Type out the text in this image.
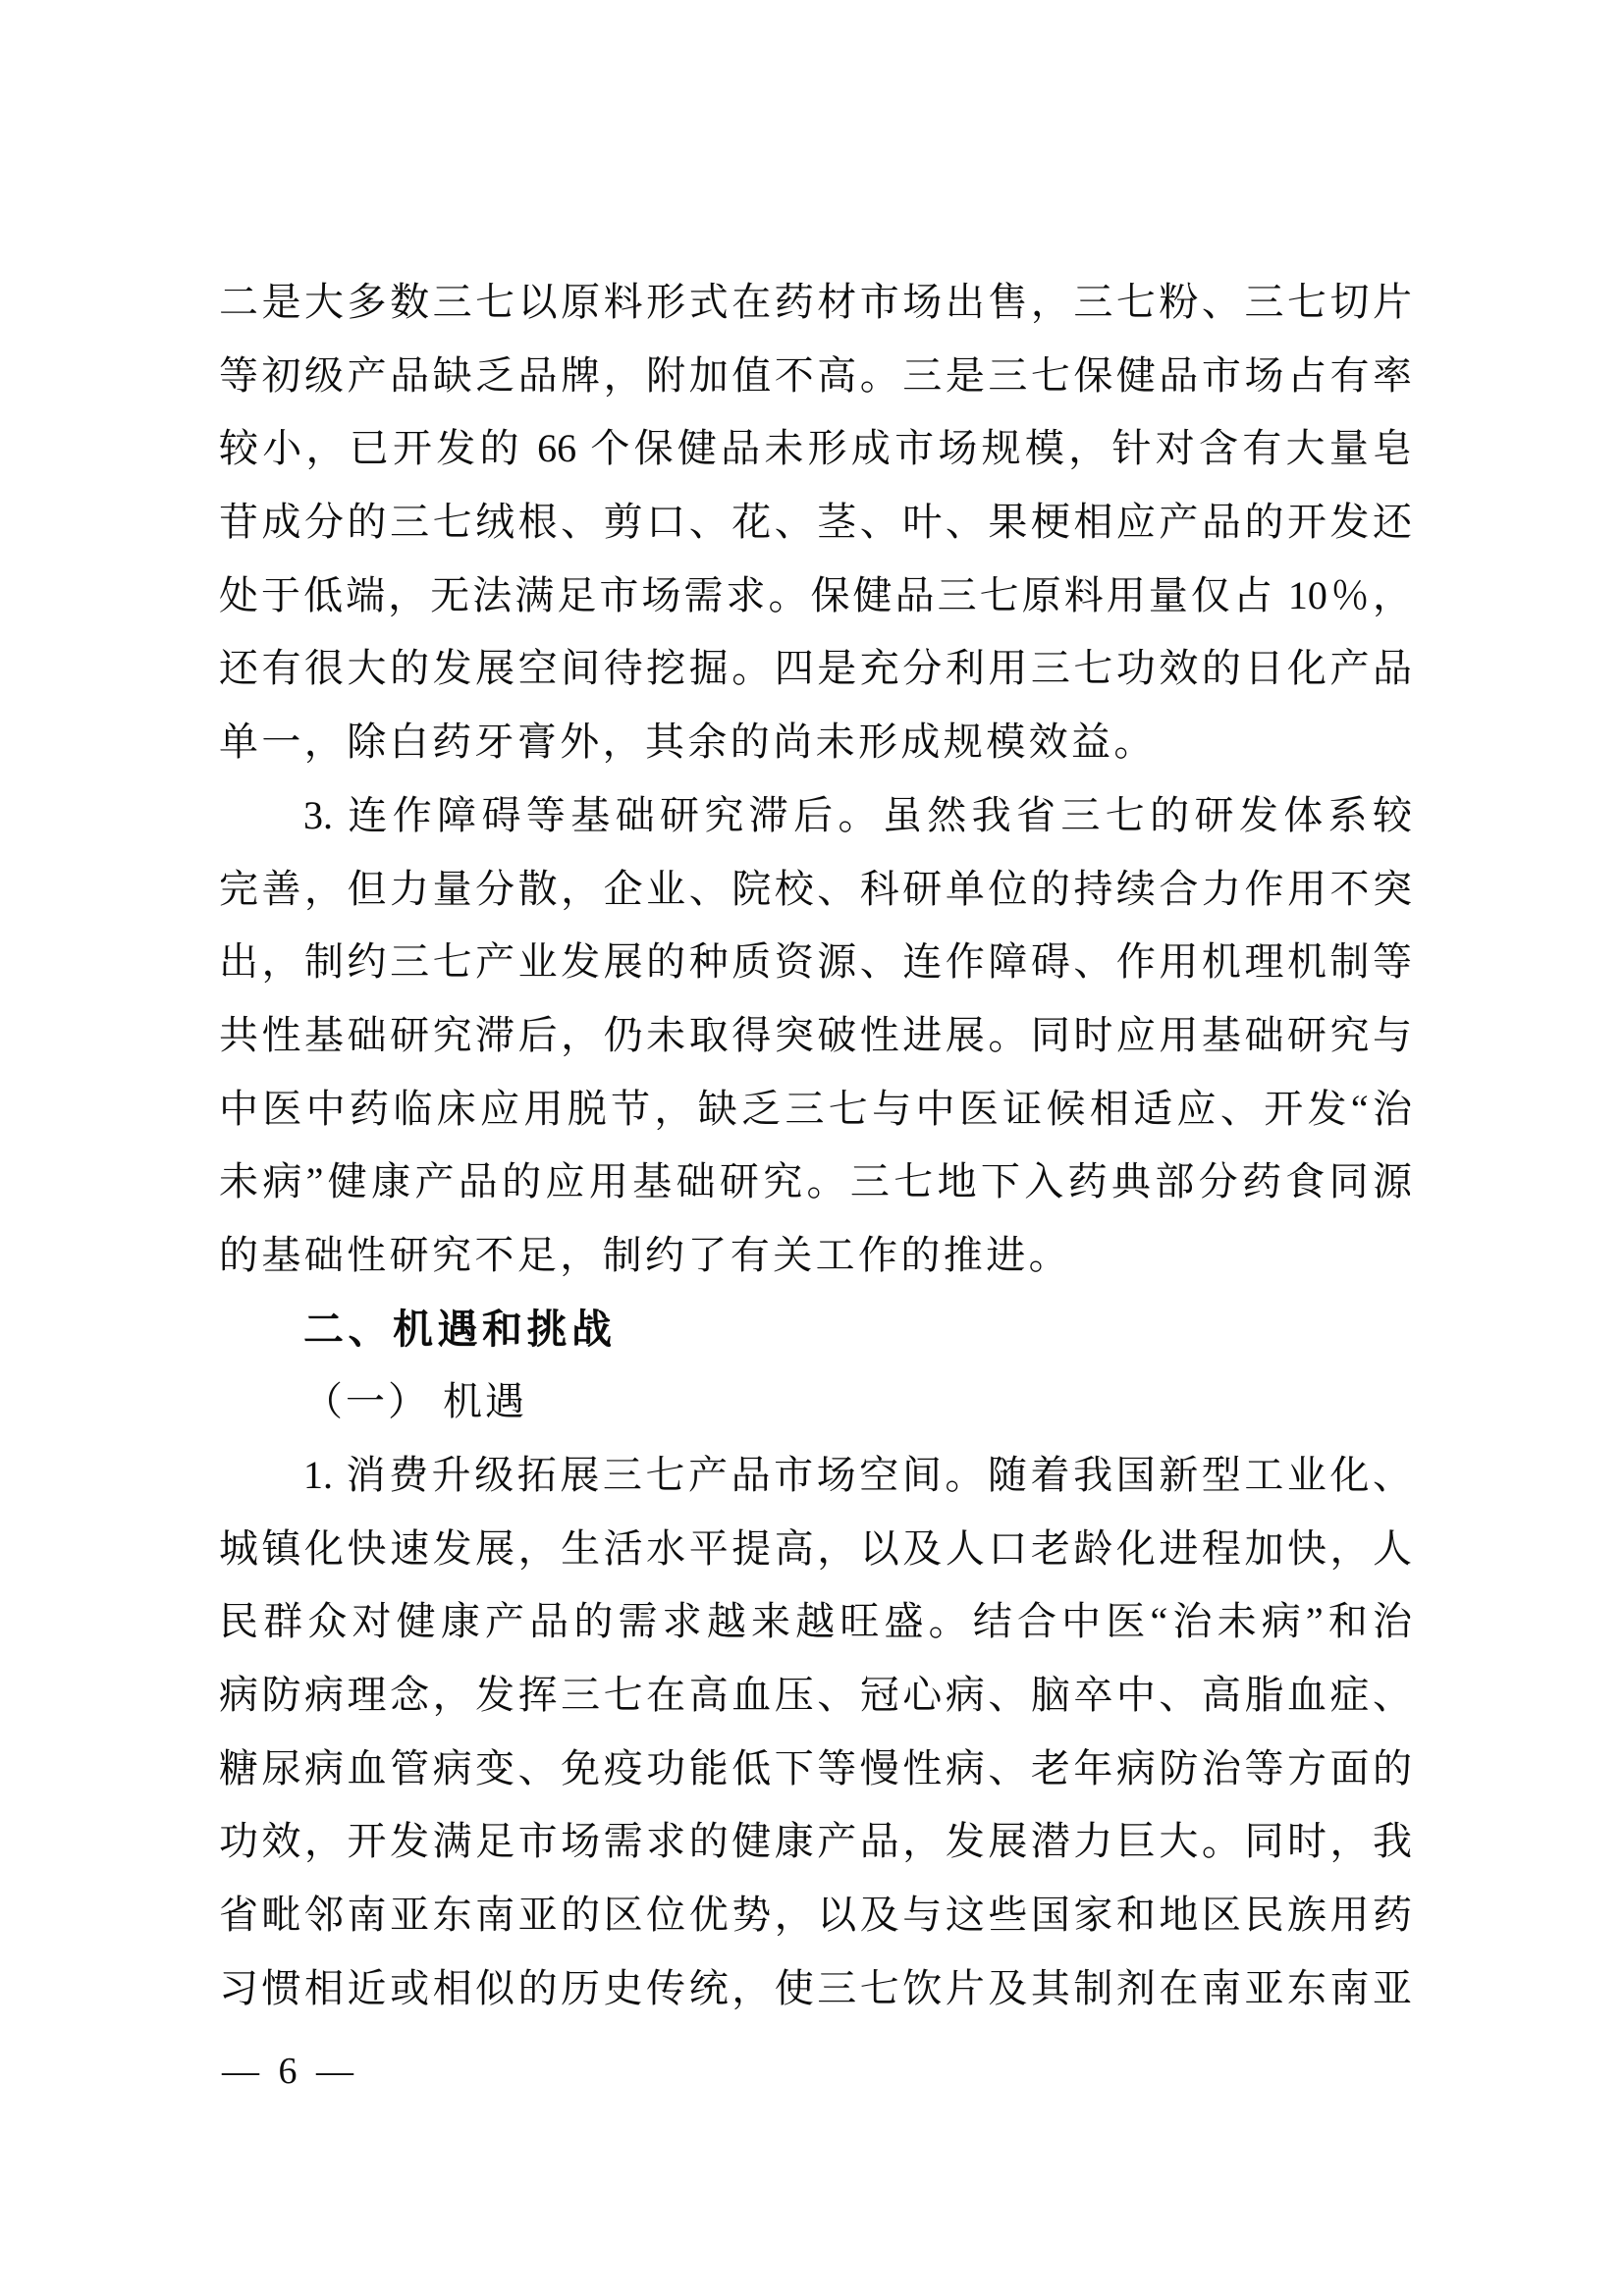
二是大多数三七以原料形式在药材市场出售，三七粉、三七切片
等初级产品缺乏品牌，附加值不高。三是三七保健品市场占有率
较小，已开发的 66 个保健品未形成市场规模，针对含有大量皂
苷成分的三七绒根、剪口、花、茎、叶、果梗相应产品的开发还
处于低端，无法满足市场需求。保健品三七原料用量仅占 10％，
还有很大的发展空间待挖掘。四是充分利用三七功效的日化产品
单一，除白药牙膏外，其余的尚未形成规模效益。
3. 连作障碍等基础研究滞后。虽然我省三七的研发体系较
完善，但力量分散，企业、院校、科研单位的持续合力作用不突
出，制约三七产业发展的种质资源、连作障碍、作用机理机制等
共性基础研究滞后，仍未取得突破性进展。同时应用基础研究与
中医中药临床应用脱节，缺乏三七与中医证候相适应、开发“治
未病”健康产品的应用基础研究。三七地下入药典部分药食同源
的基础性研究不足，制约了有关工作的推进。
二、机遇和挑战
（一） 机遇
1. 消费升级拓展三七产品市场空间。随着我国新型工业化、
城镇化快速发展，生活水平提高，以及人口老龄化进程加快，人
民群众对健康产品的需求越来越旺盛。结合中医“治未病”和治
病防病理念，发挥三七在高血压、冠心病、脑卒中、高脂血症、
糖尿病血管病变、免疫功能低下等慢性病、老年病防治等方面的
功效，开发满足市场需求的健康产品，发展潜力巨大。同时，我
省毗邻南亚东南亚的区位优势，以及与这些国家和地区民族用药
习惯相近或相似的历史传统，使三七饮片及其制剂在南亚东南亚
— 6 —
